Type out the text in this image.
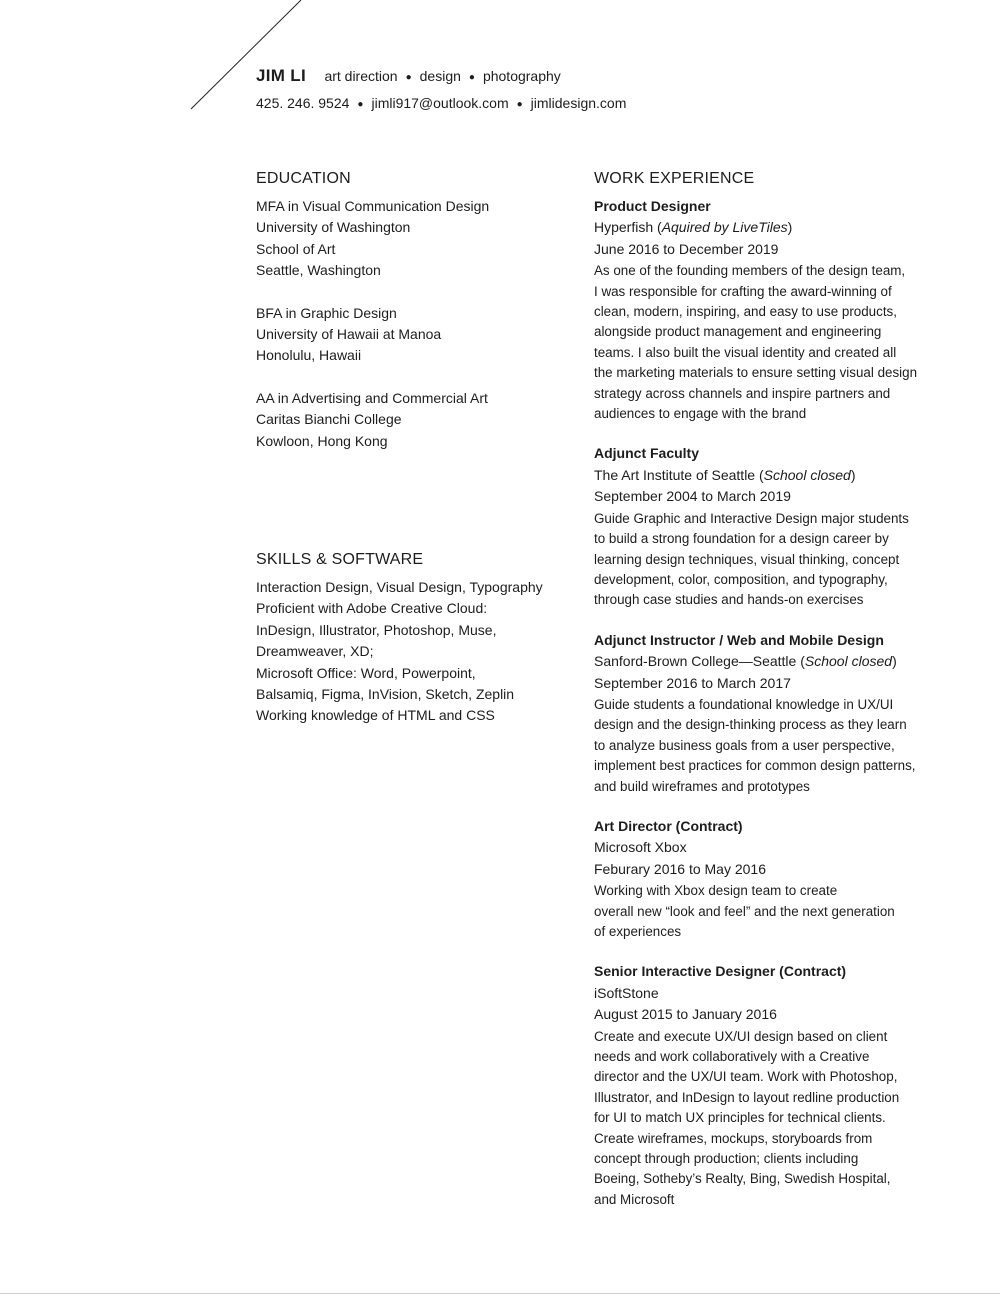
JIM LI art direction ● design ● photography
425. 246. 9524 ● jimli917@outlook.com ● jimlidesign.com
EDUCATION
MFA in Visual Communication Design
University of Washington
School of Art
Seattle, Washington
BFA in Graphic Design
University of Hawaii at Manoa
Honolulu, Hawaii
AA in Advertising and Commercial Art
Caritas Bianchi College
Kowloon, Hong Kong
SKILLS & SOFTWARE
Interaction Design, Visual Design, Typography
Proficient with Adobe Creative Cloud:
InDesign, Illustrator, Photoshop, Muse,
Dreamweaver, XD;
Microsoft Office: Word, Powerpoint,
Balsamiq, Figma, InVision, Sketch, Zeplin
Working knowledge of HTML and CSS
WORK EXPERIENCE
Product Designer
Hyperfish (Aquired by LiveTiles)
June 2016 to December 2019
As one of the founding members of the design team,
I was responsible for crafting the award-winning of
clean, modern, inspiring, and easy to use products,
alongside product management and engineering
teams. I also built the visual identity and created all
the marketing materials to ensure setting visual design
strategy across channels and inspire partners and
audiences to engage with the brand
Adjunct Faculty
The Art Institute of Seattle (School closed)
September 2004 to March 2019
Guide Graphic and Interactive Design major students
to build a strong foundation for a design career by
learning design techniques, visual thinking, concept
development, color, composition, and typography,
through case studies and hands-on exercises
Adjunct Instructor / Web and Mobile Design
Sanford-Brown College—Seattle (School closed)
September 2016 to March 2017
Guide students a foundational knowledge in UX/UI
design and the design-thinking process as they learn
to analyze business goals from a user perspective,
implement best practices for common design patterns,
and build wireframes and prototypes
Art Director (Contract)
Microsoft Xbox
Feburary 2016 to May 2016
Working with Xbox design team to create
overall new “look and feel” and the next generation
of experiences
Senior Interactive Designer (Contract)
iSoftStone
August 2015 to January 2016
Create and execute UX/UI design based on client
needs and work collaboratively with a Creative
director and the UX/UI team. Work with Photoshop,
Illustrator, and InDesign to layout redline production
for UI to match UX principles for technical clients.
Create wireframes, mockups, storyboards from
concept through production; clients including
Boeing, Sotheby’s Realty, Bing, Swedish Hospital,
and Microsoft
